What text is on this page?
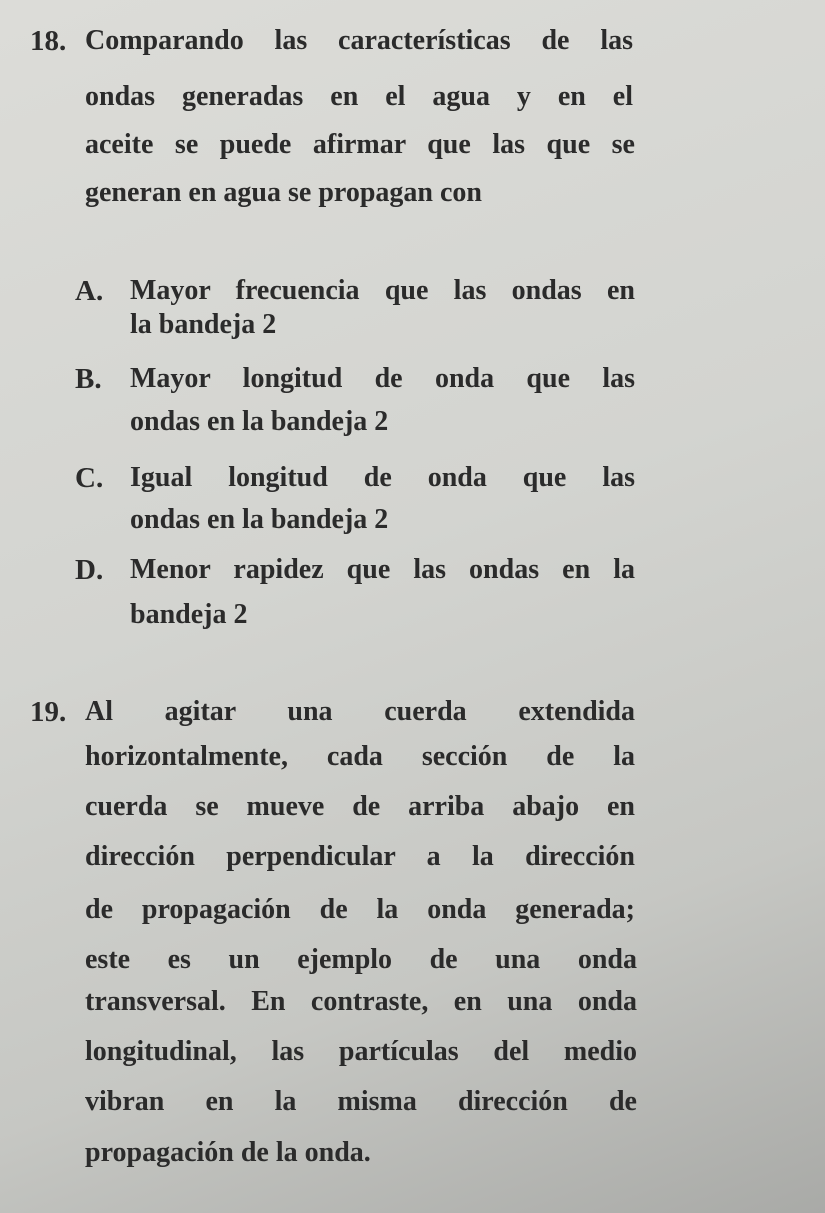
18. Comparando las características de las
ondas generadas en el agua y en el
aceite se puede afirmar que las que se
generan en agua se propagan con
A. Mayor frecuencia que las ondas en
la bandeja 2
B. Mayor longitud de onda que las
ondas en la bandeja 2
C. Igual longitud de onda que las
ondas en la bandeja 2
D. Menor rapidez que las ondas en la
bandeja 2
19. Al agitar una cuerda extendida
horizontalmente, cada sección de la
cuerda se mueve de arriba abajo en
dirección perpendicular a la dirección
de propagación de la onda generada;
este es un ejemplo de una onda
transversal. En contraste, en una onda
longitudinal, las partículas del medio
vibran en la misma dirección de
propagación de la onda.
